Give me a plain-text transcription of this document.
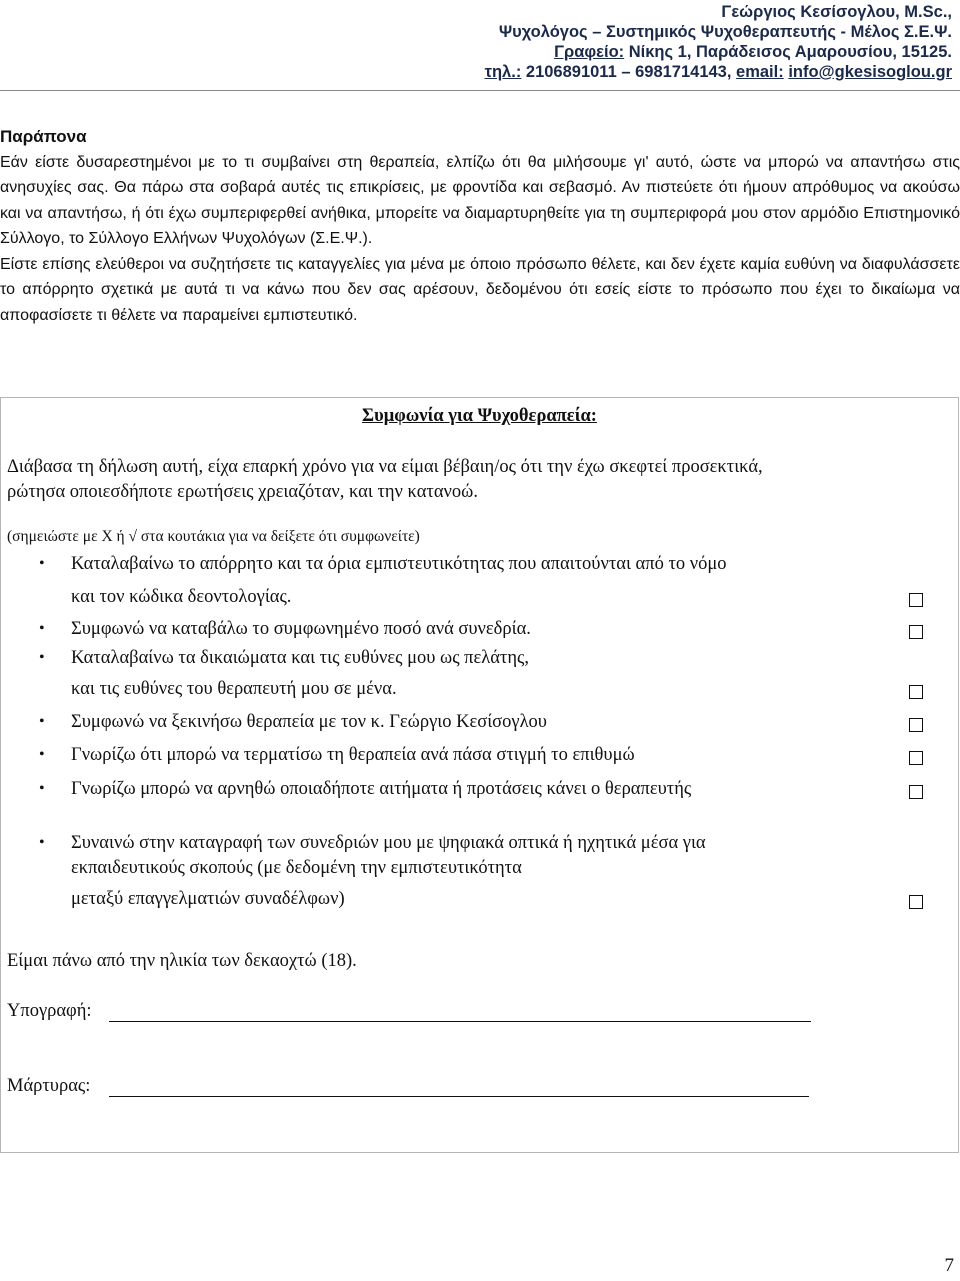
Γεώργιος Κεσίσογλου, M.Sc.,
Ψυχολόγος – Συστημικός Ψυχοθεραπευτής - Μέλος Σ.Ε.Ψ.
Γραφείο: Νίκης 1, Παράδεισος Αμαρουσίου, 15125.
τηλ.: 2106891011 – 6981714143, email: info@gkesisoglou.gr
Παράπονα

Εάν είστε δυσαρεστημένοι με το τι συμβαίνει στη θεραπεία, ελπίζω ότι θα μιλήσουμε γι' αυτό, ώστε να μπορώ να απαντήσω στις ανησυχίες σας. Θα πάρω στα σοβαρά αυτές τις επικρίσεις, με φροντίδα και σεβασμό. Αν πιστεύετε ότι ήμουν απρόθυμος να ακούσω και να απαντήσω, ή ότι έχω συμπεριφερθεί ανήθικα, μπορείτε να διαμαρτυρηθείτε για τη συμπεριφορά μου στον αρμόδιο Επιστημονικό Σύλλογο, το Σύλλογο Ελλήνων Ψυχολόγων (Σ.Ε.Ψ.).

Είστε επίσης ελεύθεροι να συζητήσετε τις καταγγελίες για μένα με όποιο πρόσωπο θέλετε, και δεν έχετε καμία ευθύνη να διαφυλάσσετε το απόρρητο σχετικά με αυτά τι να κάνω που δεν σας αρέσουν, δεδομένου ότι εσείς είστε το πρόσωπο που έχει το δικαίωμα να αποφασίσετε τι θέλετε να παραμείνει εμπιστευτικό.

Συμφωνία για Ψυχοθεραπεία:

Διάβασα τη δήλωση αυτή, είχα επαρκή χρόνο για να είμαι βέβαιη/ος ότι την έχω σκεφτεί προσεκτικά,

ρώτησα οποιεσδήποτε ερωτήσεις χρειαζόταν, και την κατανοώ.

(σημειώστε με X ή √ στα κουτάκια για να δείξετε ότι συμφωνείτε)
• Καταλαβαίνω το απόρρητο και τα όρια εμπιστευτικότητας που απαιτούνται από το νόμο
και τον κώδικα δεοντολογίας.
• Συμφωνώ να καταβάλω το συμφωνημένο ποσό ανά συνεδρία.
• Καταλαβαίνω τα δικαιώματα και τις ευθύνες μου ως πελάτης,
και τις ευθύνες του θεραπευτή μου σε μένα.
• Συμφωνώ να ξεκινήσω θεραπεία με τον κ. Γεώργιο Κεσίσογλου
• Γνωρίζω ότι μπορώ να τερματίσω τη θεραπεία ανά πάσα στιγμή το επιθυμώ
• Γνωρίζω μπορώ να αρνηθώ οποιαδήποτε αιτήματα ή προτάσεις κάνει ο θεραπευτής
• Συναινώ στην καταγραφή των συνεδριών μου με ψηφιακά οπτικά ή ηχητικά μέσα για
εκπαιδευτικούς σκοπούς (με δεδομένη την εμπιστευτικότητα
μεταξύ επαγγελματιών συναδέλφων)
Είμαι πάνω από την ηλικία των δεκαοχτώ (18).
Υπογραφή:
Μάρτυρας:
7
